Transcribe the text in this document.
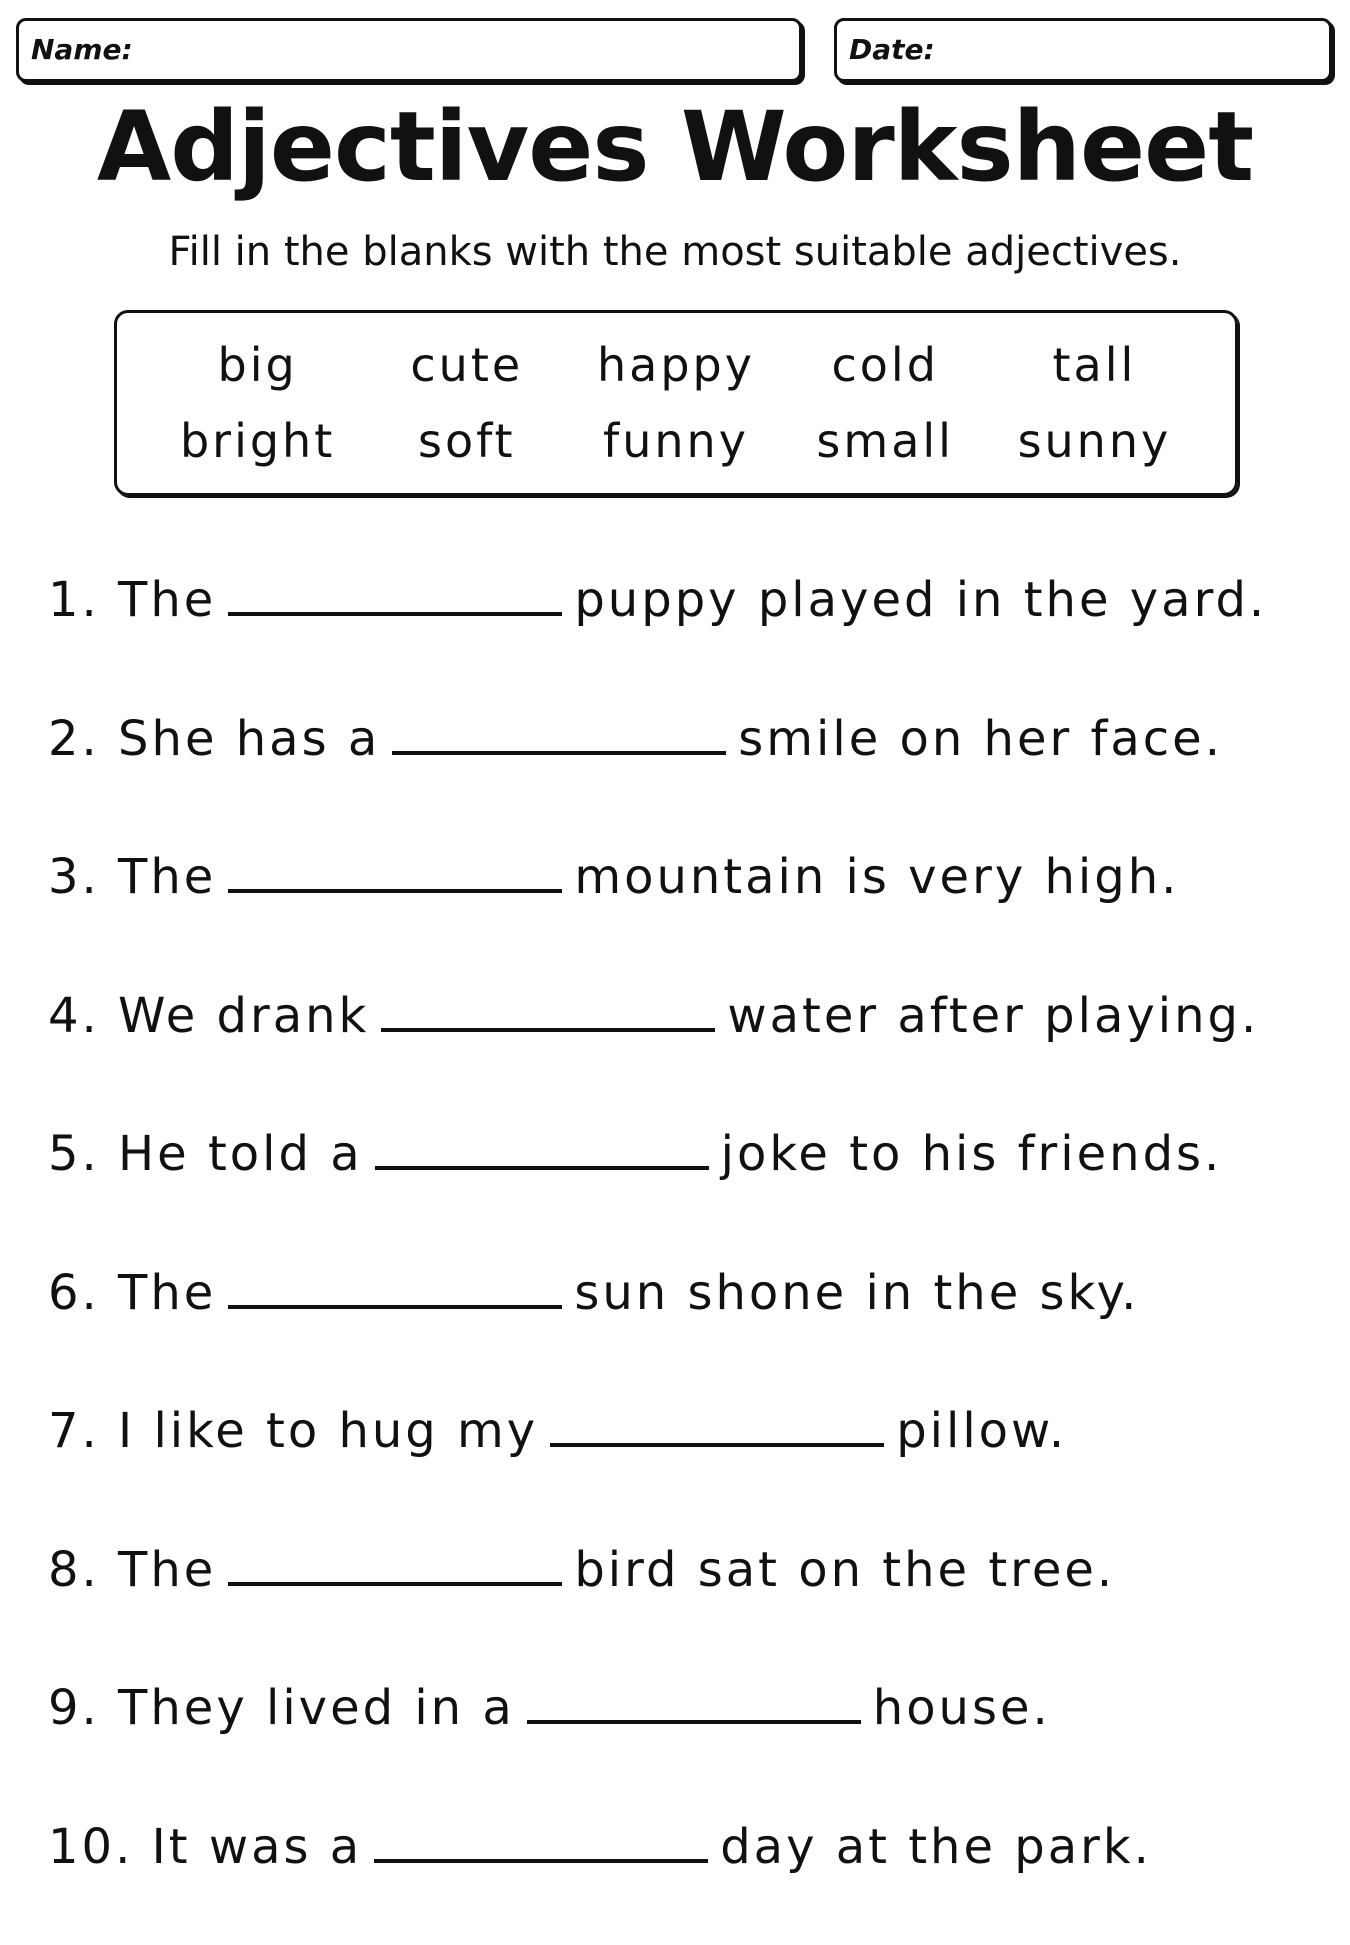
Name:	Date:
Adjectives Worksheet
Fill in the blanks with the most suitable adjectives.
big	cute	happy	cold	tall
bright	soft	funny	small	sunny
1. The	puppy played in the yard.
2. She has a	smile on her face.
3. The	mountain is very high.
4. We drank	water after playing.
5. He told a	joke to his friends.
6. The	sun shone in the sky.
7. I like to hug my	pillow.
8. The	bird sat on the tree.
9. They lived in a	house.
10. It was a	day at the park.
